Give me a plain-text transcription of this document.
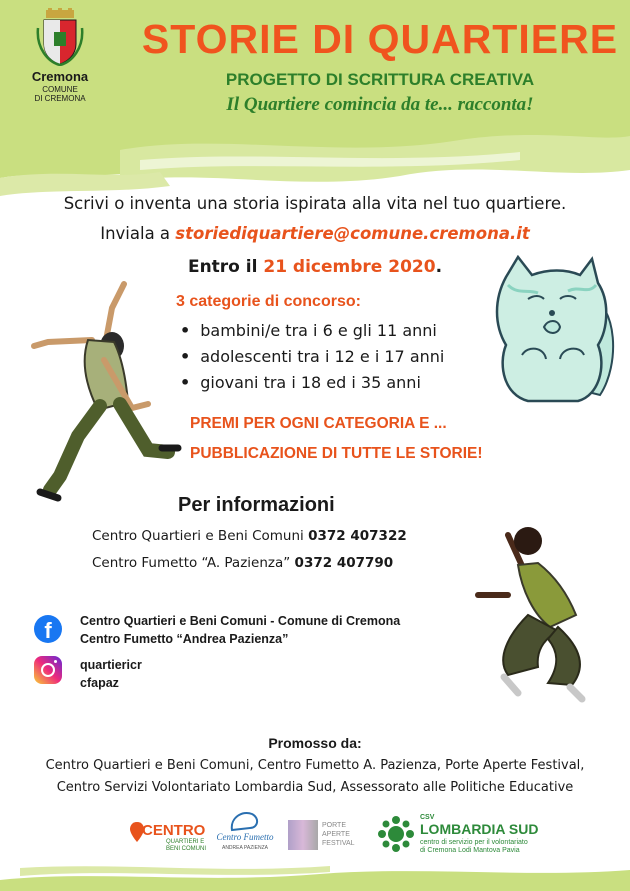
Cremona
COMUNE
DI CREMONA
STORIE DI QUARTIERE
PROGETTO DI SCRITTURA CREATIVA
Il Quartiere comincia da te... racconta!
Scrivi o inventa una storia ispirata alla vita nel tuo quartiere.
Inviala a storiediquartiere@comune.cremona.it
Entro il 21 dicembre 2020.
3 categorie di concorso:
• bambini/e tra i 6 e gli 11 anni
• adolescenti tra i 12 e i 17 anni
• giovani tra i 18 ed i 35 anni
PREMI PER OGNI CATEGORIA E ...
PUBBLICAZIONE DI TUTTE LE STORIE!
Per informazioni
Centro Quartieri e Beni Comuni 0372 407322
Centro Fumetto “A. Pazienza” 0372 407790
f	Centro Quartieri e Beni Comuni - Comune di Cremona
Centro Fumetto “Andrea Pazienza”
quartiericr
cfapaz
Promosso da:
Centro Quartieri e Beni Comuni, Centro Fumetto A. Pazienza, Porte Aperte Festival,
Centro Servizi Volontariato Lombardia Sud, Assessorato alle Politiche Educative
CENTRO
QUARTIERI E
BENI COMUNI
Centro Fumetto
ANDREA PAZIENZA
PORTE
APERTE
FESTIVAL
CSV
LOMBARDIA SUD
centro di servizio per il volontariato
di Cremona Lodi Mantova Pavia
